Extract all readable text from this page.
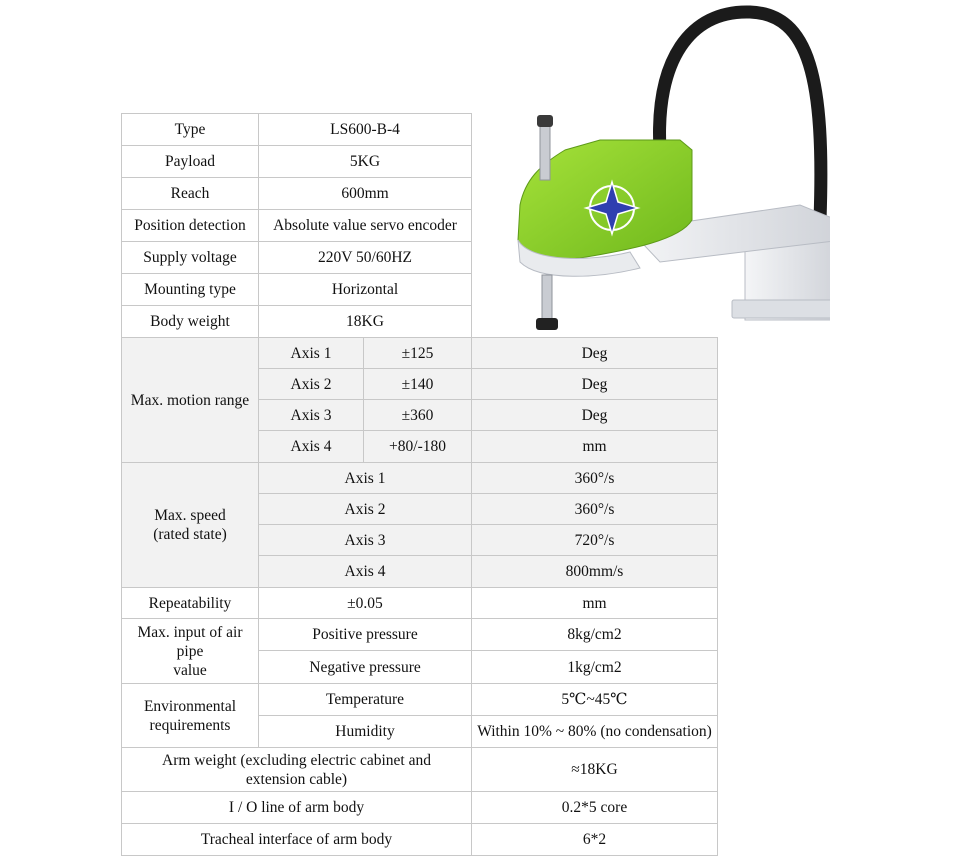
Type	LS600-B-4		
Payload	5KG		
Reach	600mm		
Position detection	Absolute value servo encoder		
Supply voltage	220V 50/60HZ		
Mounting type	Horizontal		
Body weight	18KG		
Max. motion range	Axis 1	±125	Deg
	Axis 2	±140	Deg
	Axis 3	±360	Deg
	Axis 4	+80/-180	mm

Max. speed
(rated state)	Axis 1		360°/s
	Axis 2		360°/s
	Axis 3		720°/s
	Axis 4		800mm/s
Repeatability	±0.05		mm

Max. input of air
pipe
value	Positive pressure		8kg/cm2
	Negative pressure		1kg/cm2

Environmental
requirements	Temperature		5℃~45℃
	Humidity		Within 10% ~ 80% (no condensation)

Arm weight (excluding electric cabinet and
extension cable)			≈18KG
I / O line of arm body			0.2*5 core
Tracheal interface of arm body			6*2
